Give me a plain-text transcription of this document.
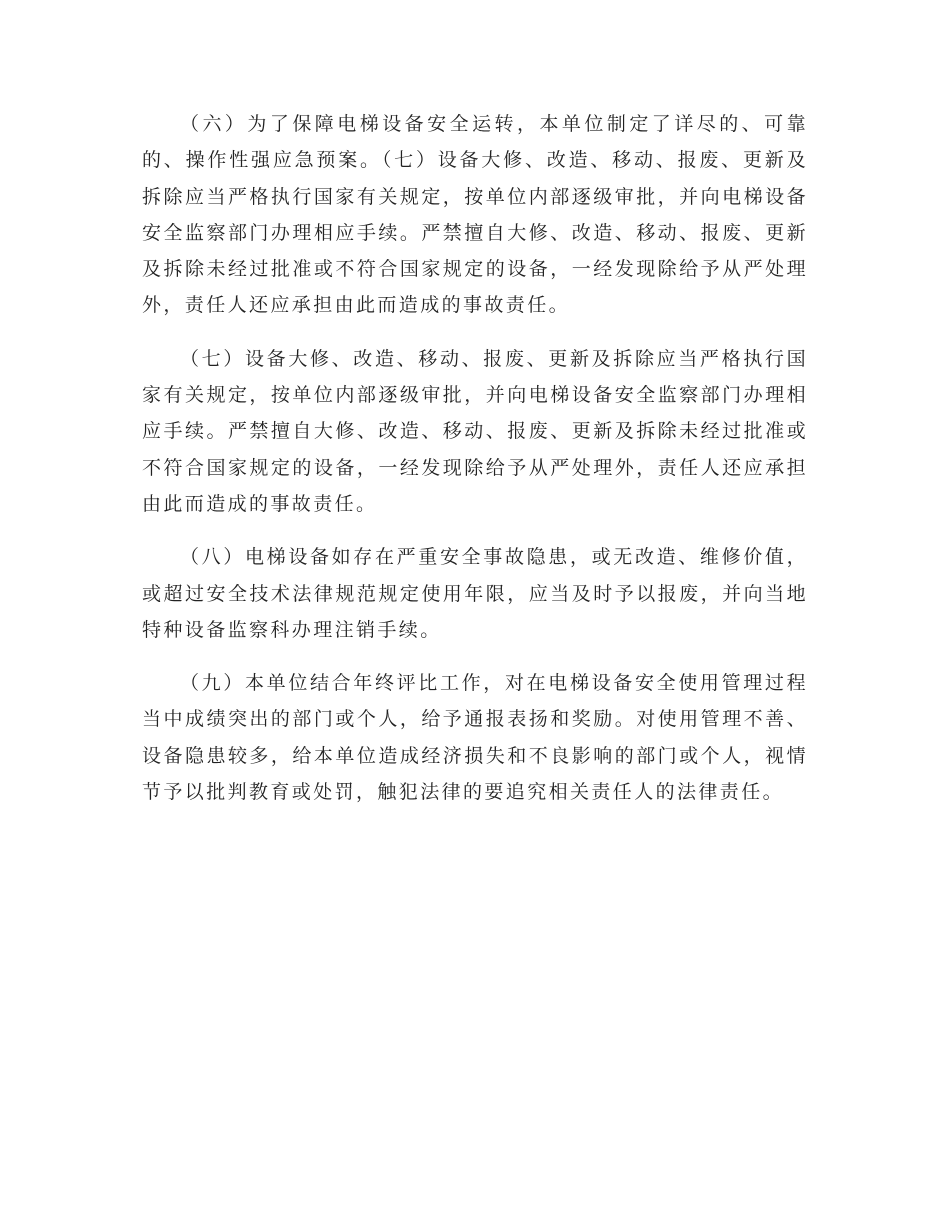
（六）为了保障电梯设备安全运转，本单位制定了详尽的、可靠的、操作性强应急预案。（七）设备大修、改造、移动、报废、更新及拆除应当严格执行国家有关规定，按单位内部逐级审批，并向电梯设备安全监察部门办理相应手续。严禁擅自大修、改造、移动、报废、更新及拆除未经过批准或不符合国家规定的设备，一经发现除给予从严处理外，责任人还应承担由此而造成的事故责任。

（七）设备大修、改造、移动、报废、更新及拆除应当严格执行国家有关规定，按单位内部逐级审批，并向电梯设备安全监察部门办理相应手续。严禁擅自大修、改造、移动、报废、更新及拆除未经过批准或不符合国家规定的设备，一经发现除给予从严处理外，责任人还应承担由此而造成的事故责任。

（八）电梯设备如存在严重安全事故隐患，或无改造、维修价值，或超过安全技术法律规范规定使用年限，应当及时予以报废，并向当地特种设备监察科办理注销手续。

（九）本单位结合年终评比工作，对在电梯设备安全使用管理过程当中成绩突出的部门或个人，给予通报表扬和奖励。对使用管理不善、设备隐患较多，给本单位造成经济损失和不良影响的部门或个人，视情节予以批判教育或处罚，触犯法律的要追究相关责任人的法律责任。
